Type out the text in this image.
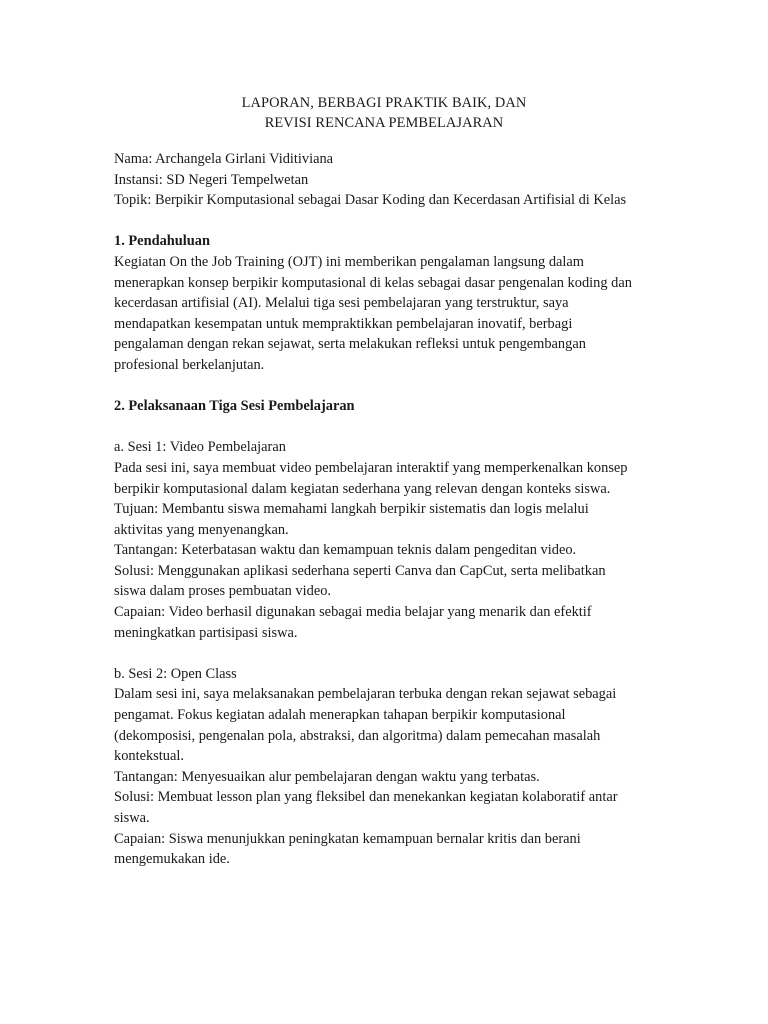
LAPORAN, BERBAGI PRAKTIK BAIK, DAN
REVISI RENCANA PEMBELAJARAN

Nama: Archangela Girlani Viditiviana

Instansi: SD Negeri Tempelwetan

Topik: Berpikir Komputasional sebagai Dasar Koding dan Kecerdasan Artifisial di Kelas

1. Pendahuluan

Kegiatan On the Job Training (OJT) ini memberikan pengalaman langsung dalam

menerapkan konsep berpikir komputasional di kelas sebagai dasar pengenalan koding dan

kecerdasan artifisial (AI). Melalui tiga sesi pembelajaran yang terstruktur, saya

mendapatkan kesempatan untuk mempraktikkan pembelajaran inovatif, berbagi

pengalaman dengan rekan sejawat, serta melakukan refleksi untuk pengembangan

profesional berkelanjutan.

2. Pelaksanaan Tiga Sesi Pembelajaran

a. Sesi 1: Video Pembelajaran

Pada sesi ini, saya membuat video pembelajaran interaktif yang memperkenalkan konsep

berpikir komputasional dalam kegiatan sederhana yang relevan dengan konteks siswa.

Tujuan: Membantu siswa memahami langkah berpikir sistematis dan logis melalui

aktivitas yang menyenangkan.

Tantangan: Keterbatasan waktu dan kemampuan teknis dalam pengeditan video.

Solusi: Menggunakan aplikasi sederhana seperti Canva dan CapCut, serta melibatkan

siswa dalam proses pembuatan video.

Capaian: Video berhasil digunakan sebagai media belajar yang menarik dan efektif

meningkatkan partisipasi siswa.

b. Sesi 2: Open Class

Dalam sesi ini, saya melaksanakan pembelajaran terbuka dengan rekan sejawat sebagai

pengamat. Fokus kegiatan adalah menerapkan tahapan berpikir komputasional

(dekomposisi, pengenalan pola, abstraksi, dan algoritma) dalam pemecahan masalah

kontekstual.

Tantangan: Menyesuaikan alur pembelajaran dengan waktu yang terbatas.

Solusi: Membuat lesson plan yang fleksibel dan menekankan kegiatan kolaboratif antar

siswa.

Capaian: Siswa menunjukkan peningkatan kemampuan bernalar kritis dan berani

mengemukakan ide.
